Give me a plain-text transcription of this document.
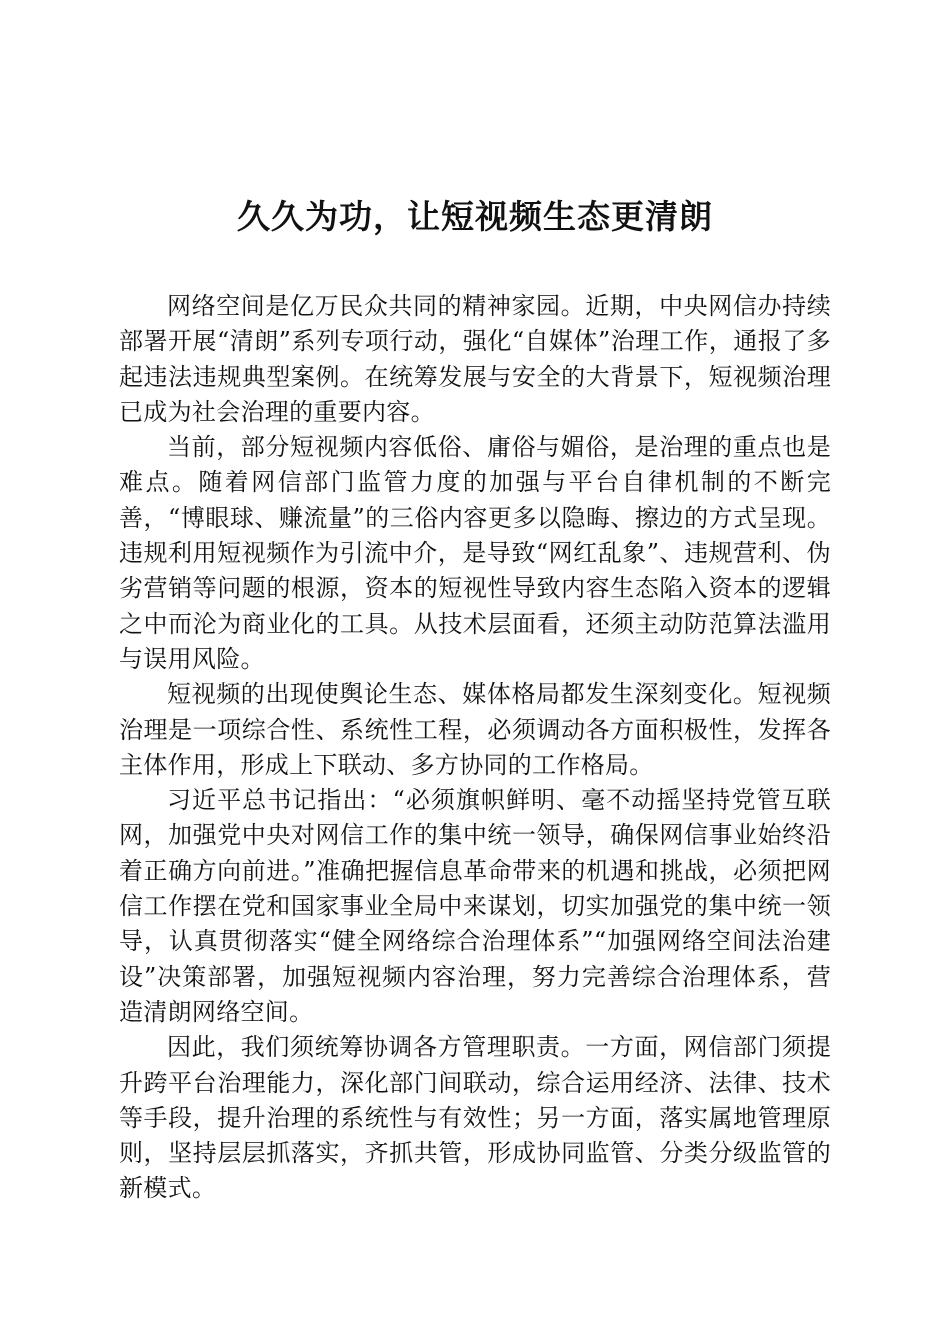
久久为功，让短视频生态更清朗

网络空间是亿万民众共同的精神家园。近期，中央网信办持续部署开展“清朗”系列专项行动，强化“自媒体”治理工作，通报了多起违法违规典型案例。在统筹发展与安全的大背景下，短视频治理已成为社会治理的重要内容。

当前，部分短视频内容低俗、庸俗与媚俗，是治理的重点也是难点。随着网信部门监管力度的加强与平台自律机制的不断完善，“博眼球、赚流量”的三俗内容更多以隐晦、擦边的方式呈现。违规利用短视频作为引流中介，是导致“网红乱象”、违规营利、伪劣营销等问题的根源，资本的短视性导致内容生态陷入资本的逻辑之中而沦为商业化的工具。从技术层面看，还须主动防范算法滥用与误用风险。

短视频的出现使舆论生态、媒体格局都发生深刻变化。短视频治理是一项综合性、系统性工程，必须调动各方面积极性，发挥各主体作用，形成上下联动、多方协同的工作格局。

习近平总书记指出：“必须旗帜鲜明、毫不动摇坚持党管互联网，加强党中央对网信工作的集中统一领导，确保网信事业始终沿着正确方向前进。”准确把握信息革命带来的机遇和挑战，必须把网信工作摆在党和国家事业全局中来谋划，切实加强党的集中统一领导，认真贯彻落实“健全网络综合治理体系”“加强网络空间法治建设”决策部署，加强短视频内容治理，努力完善综合治理体系，营造清朗网络空间。

因此，我们须统筹协调各方管理职责。一方面，网信部门须提升跨平台治理能力，深化部门间联动，综合运用经济、法律、技术等手段，提升治理的系统性与有效性；另一方面，落实属地管理原则，坚持层层抓落实，齐抓共管，形成协同监管、分类分级监管的新模式。
